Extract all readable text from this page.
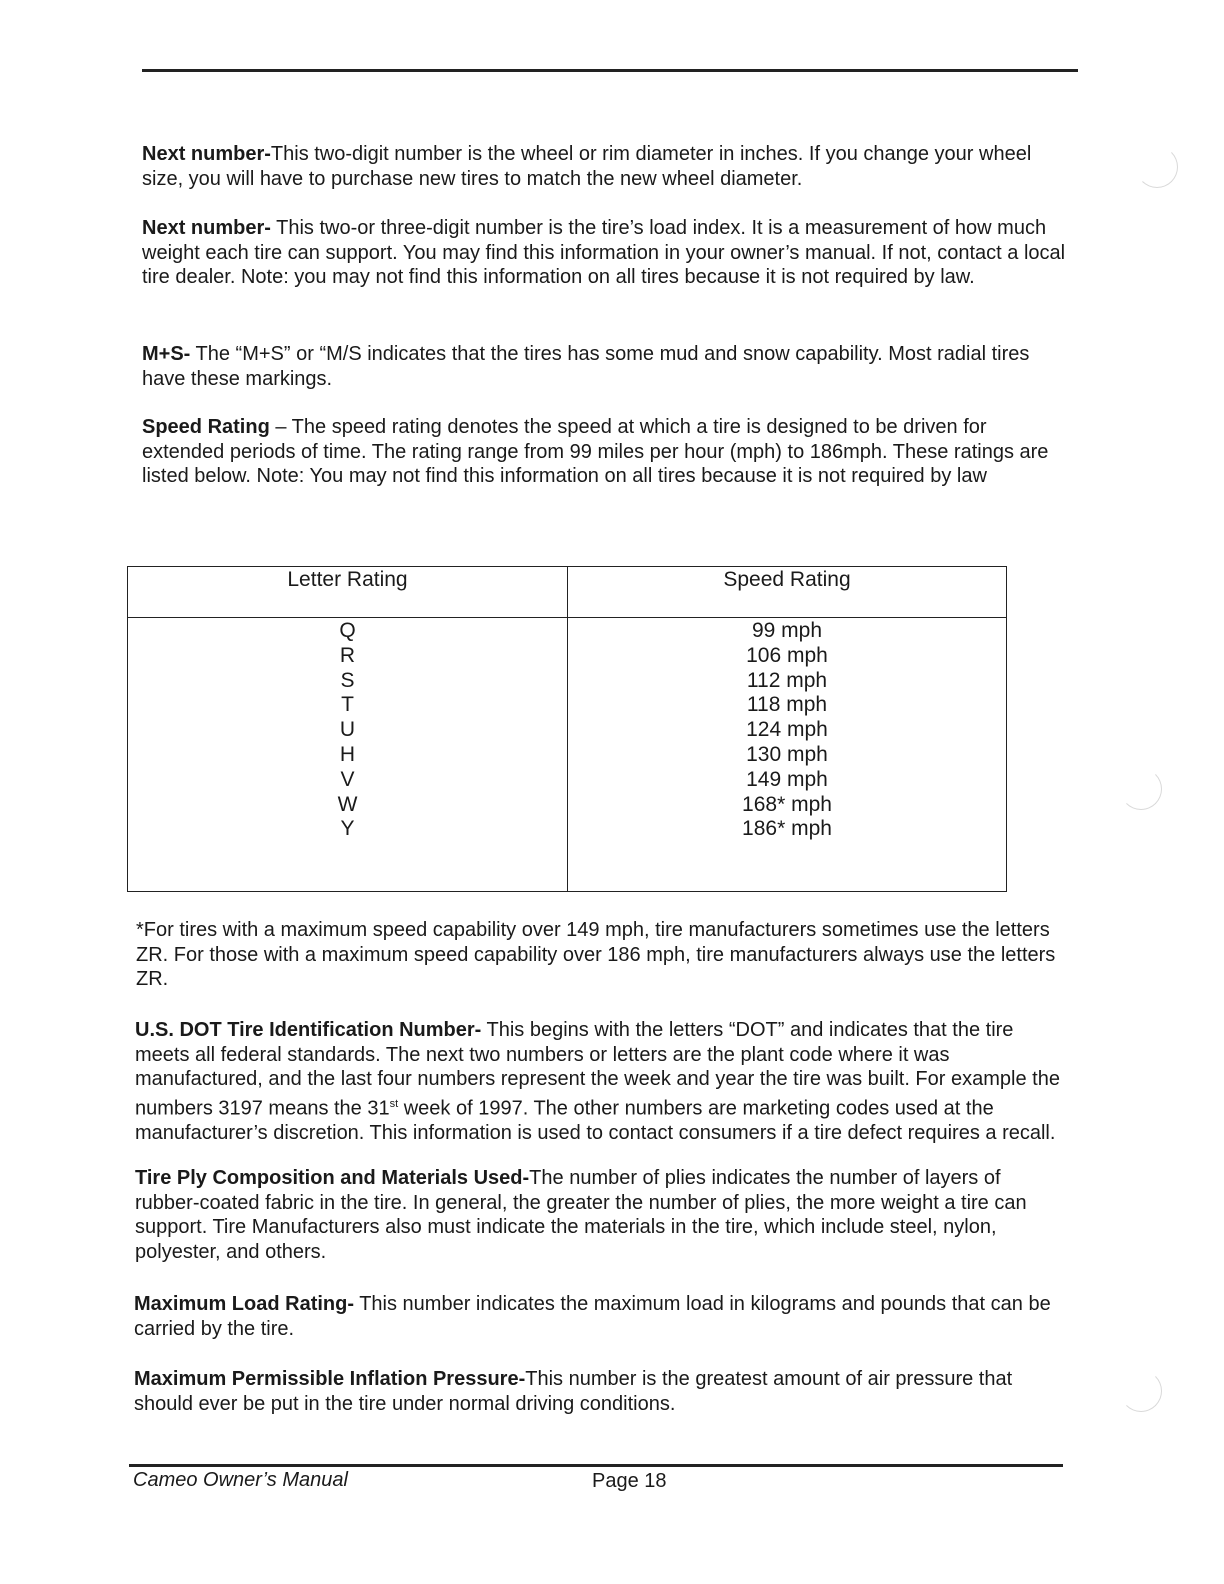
Next number-This two-digit number is the wheel or rim diameter in inches. If you change your wheel size, you will have to purchase new tires to match the new wheel diameter.

Next number- This two-or three-digit number is the tire’s load index. It is a measurement of how much weight each tire can support. You may find this information in your owner’s manual. If not, contact a local tire dealer. Note: you may not find this information on all tires because it is not required by law.

M+S- The “M+S” or “M/S indicates that the tires has some mud and snow capability. Most radial tires have these markings.

Speed Rating – The speed rating denotes the speed at which a tire is designed to be driven for extended periods of time. The rating range from 99 miles per hour (mph) to 186mph. These ratings are listed below. Note: You may not find this information on all tires because it is not required by law

Letter Rating	Speed Rating
Q
R
S
T
U
H
V
W
Y
99 mph
106 mph
112 mph
118 mph
124 mph
130 mph
149 mph
168* mph
186* mph

*For tires with a maximum speed capability over 149 mph, tire manufacturers sometimes use the letters ZR. For those with a maximum speed capability over 186 mph, tire manufacturers always use the letters ZR.

U.S. DOT Tire Identification Number- This begins with the letters “DOT” and indicates that the tire meets all federal standards. The next two numbers or letters are the plant code where it was manufactured, and the last four numbers represent the week and year the tire was built. For example the numbers 3197 means the 31st week of 1997. The other numbers are marketing codes used at the manufacturer’s discretion. This information is used to contact consumers if a tire defect requires a recall.

Tire Ply Composition and Materials Used-The number of plies indicates the number of layers of rubber-coated fabric in the tire. In general, the greater the number of plies, the more weight a tire can support. Tire Manufacturers also must indicate the materials in the tire, which include steel, nylon, polyester, and others.

Maximum Load Rating- This number indicates the maximum load in kilograms and pounds that can be carried by the tire.

Maximum Permissible Inflation Pressure-This number is the greatest amount of air pressure that should ever be put in the tire under normal driving conditions.

Cameo Owner’s Manual	Page 18
